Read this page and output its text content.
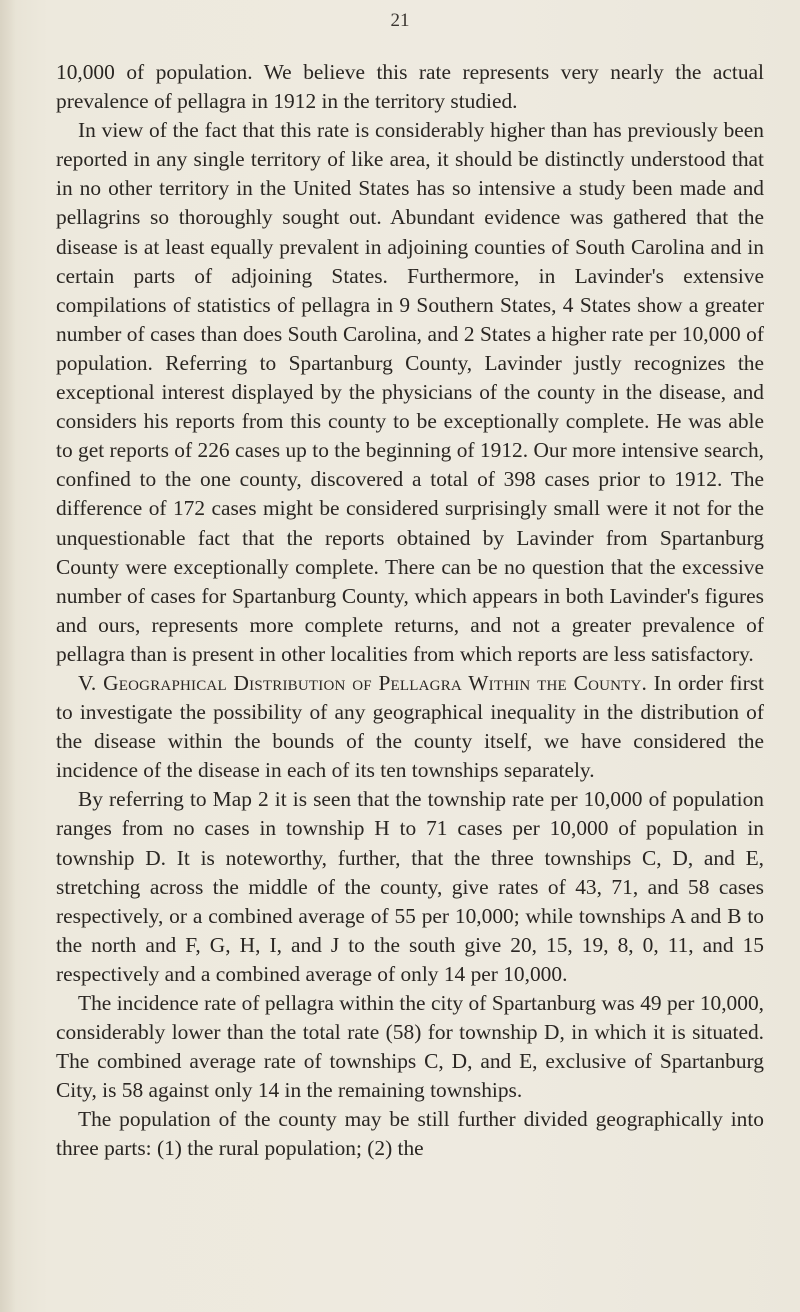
21

10,000 of population. We believe this rate represents very nearly the actual prevalence of pellagra in 1912 in the territory studied.

In view of the fact that this rate is considerably higher than has previously been reported in any single territory of like area, it should be distinctly understood that in no other territory in the United States has so intensive a study been made and pellagrins so thoroughly sought out. Abundant evidence was gathered that the disease is at least equally prevalent in adjoining counties of South Carolina and in certain parts of adjoining States. Furthermore, in Lavinder's extensive compilations of statistics of pellagra in 9 Southern States, 4 States show a greater number of cases than does South Carolina, and 2 States a higher rate per 10,000 of population. Referring to Spartanburg County, Lavinder justly recognizes the exceptional interest displayed by the physicians of the county in the disease, and considers his reports from this county to be exceptionally complete. He was able to get reports of 226 cases up to the beginning of 1912. Our more intensive search, confined to the one county, discovered a total of 398 cases prior to 1912. The difference of 172 cases might be considered surprisingly small were it not for the unquestionable fact that the reports obtained by Lavinder from Spartanburg County were exceptionally complete. There can be no question that the excessive number of cases for Spartanburg County, which appears in both Lavinder's figures and ours, represents more complete returns, and not a greater prevalence of pellagra than is present in other localities from which reports are less satisfactory.

V. Geographical Distribution of Pellagra Within the County. In order first to investigate the possibility of any geographical inequality in the distribution of the disease within the bounds of the county itself, we have considered the incidence of the disease in each of its ten townships separately.

By referring to Map 2 it is seen that the township rate per 10,000 of population ranges from no cases in township H to 71 cases per 10,000 of population in township D. It is noteworthy, further, that the three townships C, D, and E, stretching across the middle of the county, give rates of 43, 71, and 58 cases respectively, or a combined average of 55 per 10,000; while townships A and B to the north and F, G, H, I, and J to the south give 20, 15, 19, 8, 0, 11, and 15 respectively and a combined average of only 14 per 10,000.

The incidence rate of pellagra within the city of Spartanburg was 49 per 10,000, considerably lower than the total rate (58) for township D, in which it is situated. The combined average rate of townships C, D, and E, exclusive of Spartanburg City, is 58 against only 14 in the remaining townships.

The population of the county may be still further divided geographically into three parts: (1) the rural population; (2) the
